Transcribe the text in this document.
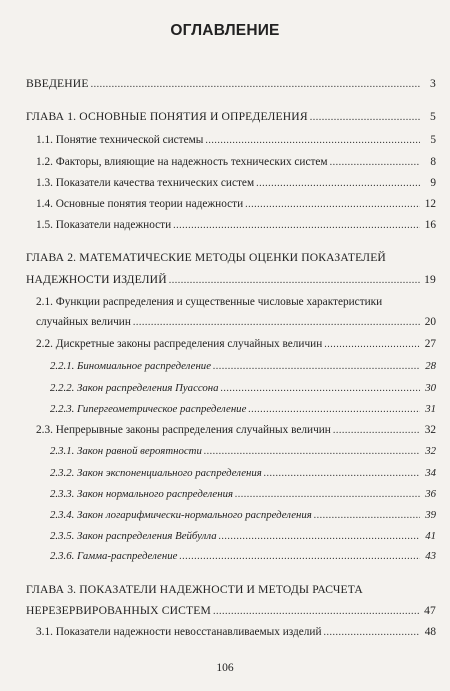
ОГЛАВЛЕНИЕ
ВВЕДЕНИЕ .....	3
ГЛАВА 1. ОСНОВНЫЕ ПОНЯТИЯ И ОПРЕДЕЛЕНИЯ .....	5
1.1. Понятие технической системы .....	5
1.2. Факторы, влияющие на надежность технических систем .....	8
1.3. Показатели качества технических систем .....	9
1.4. Основные понятия теории надежности .....	12
1.5. Показатели надежности .....	16
ГЛАВА 2. МАТЕМАТИЧЕСКИЕ МЕТОДЫ ОЦЕНКИ ПОКАЗАТЕЛЕЙ
НАДЕЖНОСТИ ИЗДЕЛИЙ .....	19
2.1. Функции распределения и существенные числовые характеристики
случайных величин .....	20
2.2. Дискретные законы распределения случайных величин .....	27
2.2.1. Биномиальное распределение .....	28
2.2.2. Закон распределения Пуассона .....	30
2.2.3. Гипергеометрическое распределение .....	31
2.3. Непрерывные законы распределения случайных величин .....	32
2.3.1. Закон равной вероятности .....	32
2.3.2. Закон экспоненциального распределения .....	34
2.3.3. Закон нормального распределения .....	36
2.3.4. Закон логарифмически-нормального распределения .....	39
2.3.5. Закон распределения Вейбулла .....	41
2.3.6. Гамма-распределение .....	43
ГЛАВА 3. ПОКАЗАТЕЛИ НАДЕЖНОСТИ И МЕТОДЫ РАСЧЕТА
НЕРЕЗЕРВИРОВАННЫХ СИСТЕМ .....	47
3.1. Показатели надежности невосстанавливаемых изделий .....	48
106
